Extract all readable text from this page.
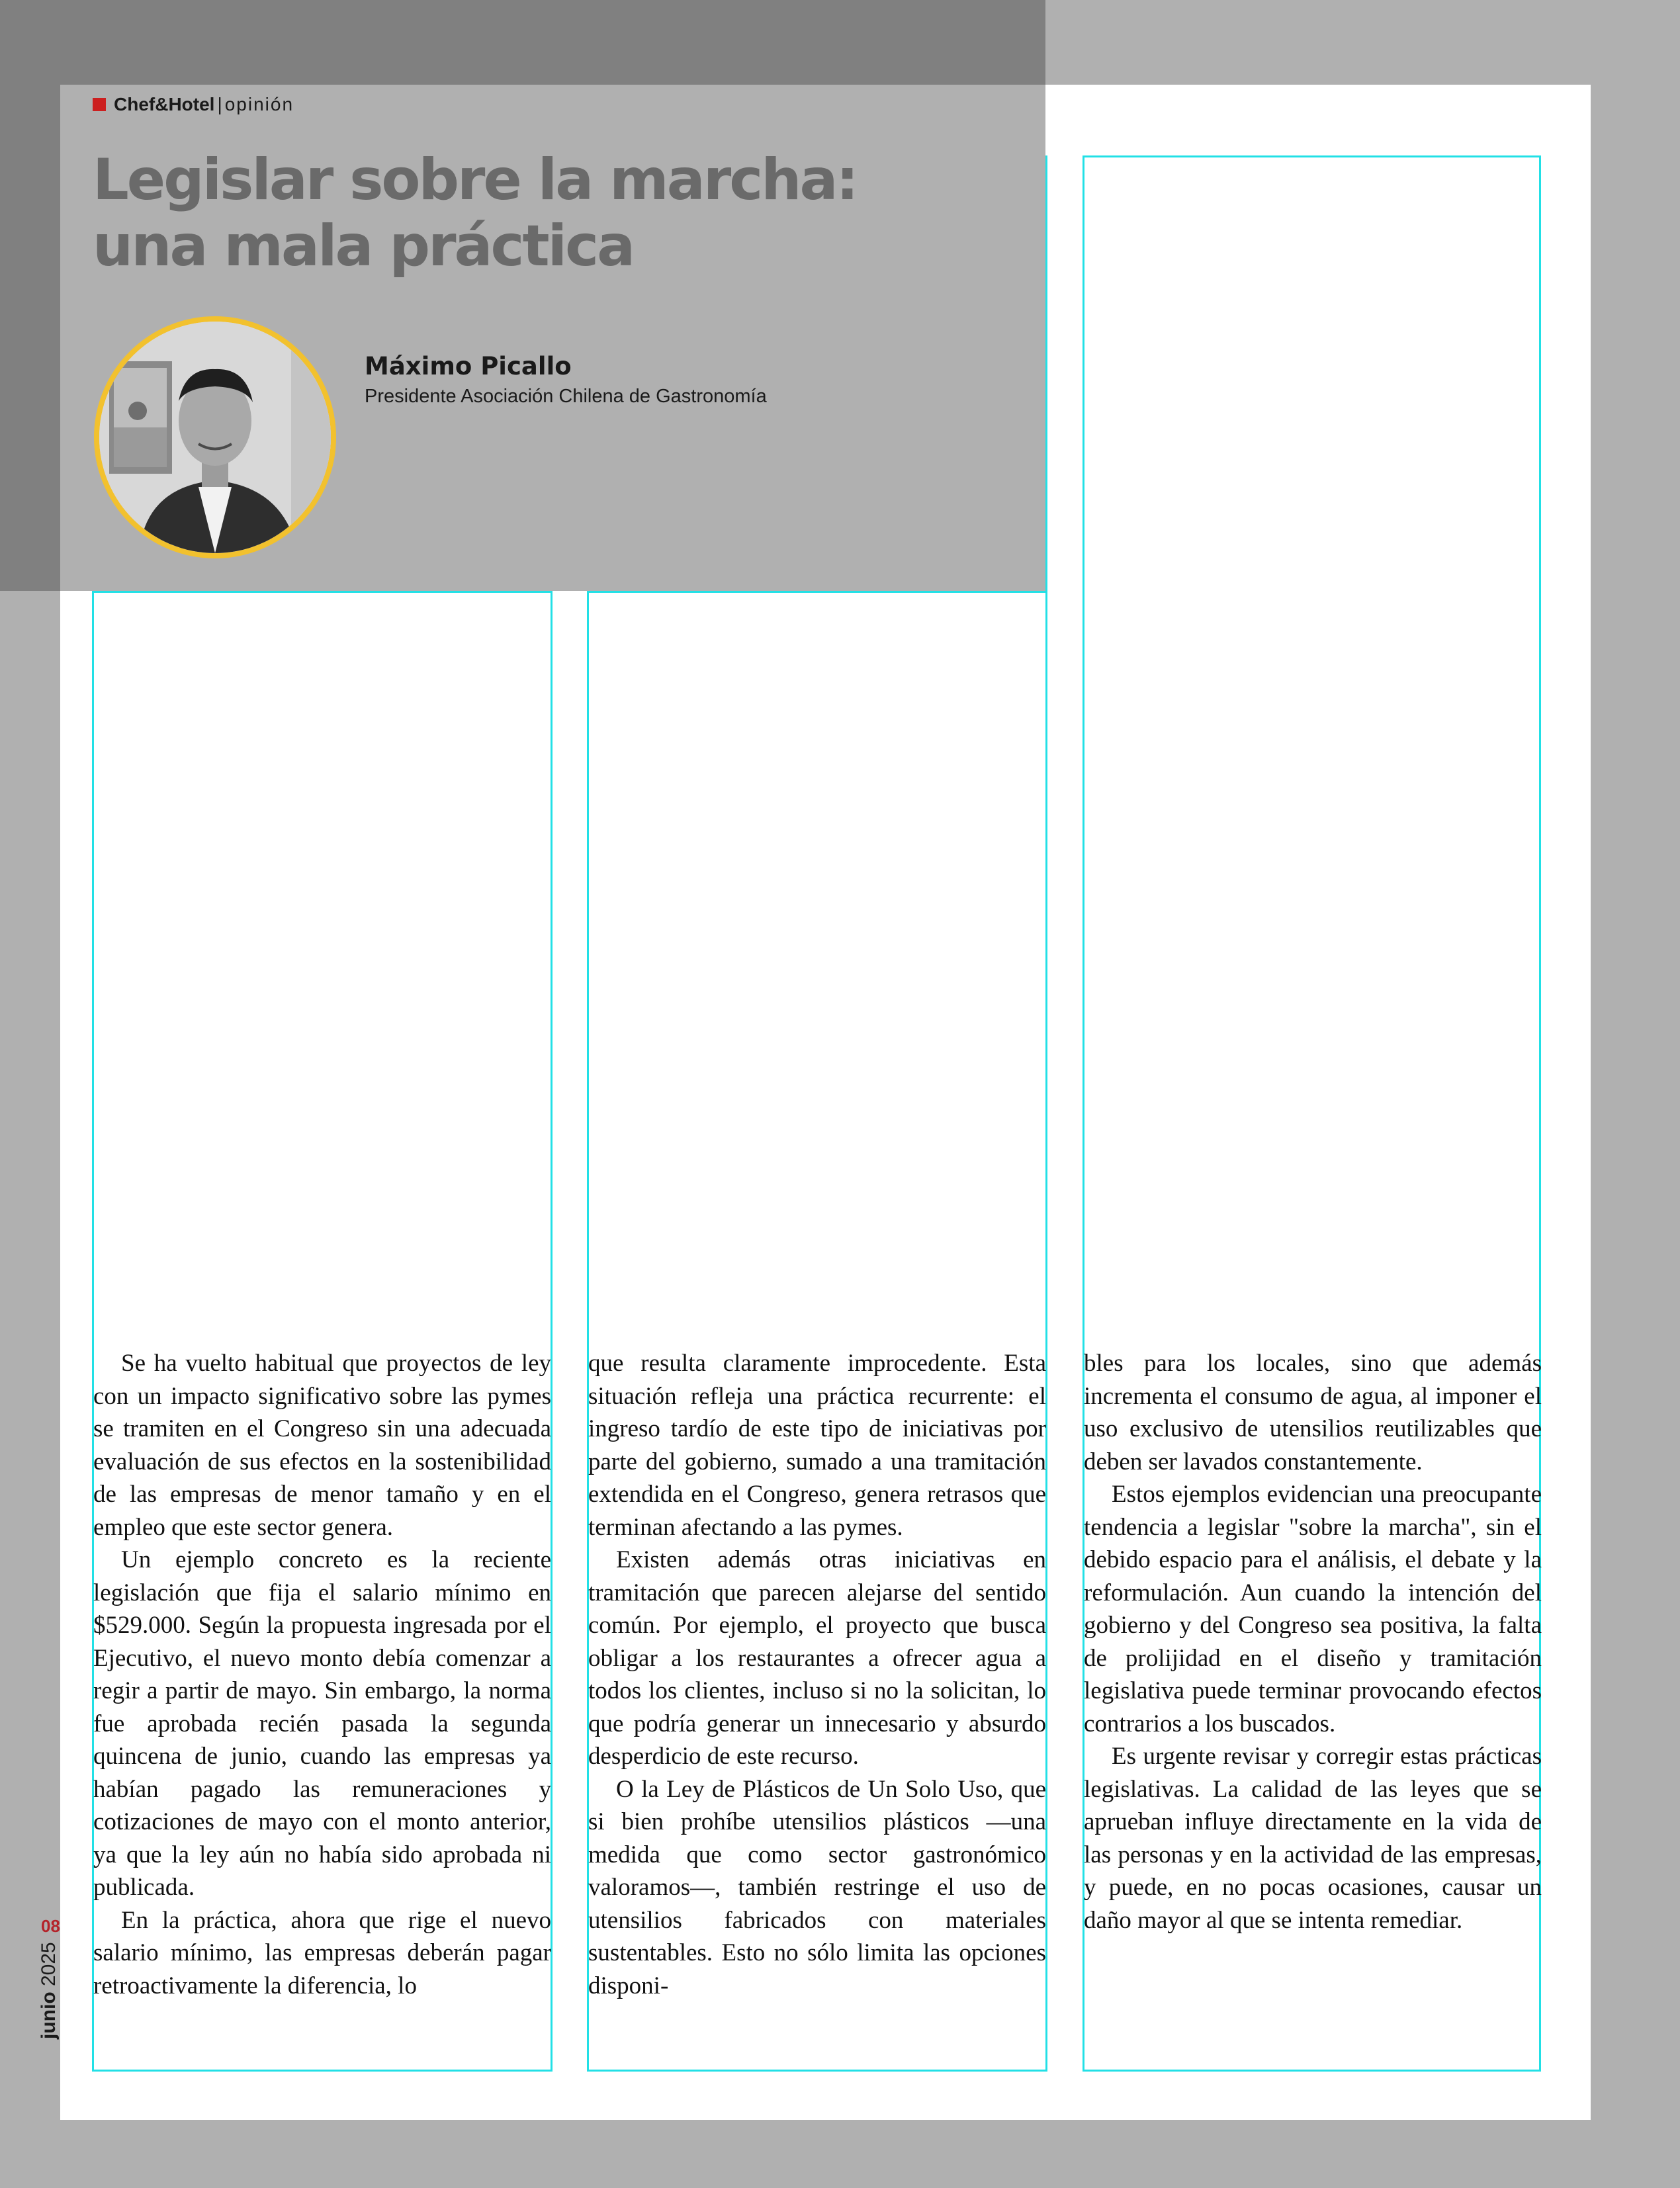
Chef&Hotel | opinión
Legislar sobre la marcha:
una mala práctica
Máximo Picallo
Presidente Asociación Chilena de Gastronomía

Se ha vuelto habitual que proyectos de ley con un impacto significativo sobre las pymes se tramiten en el Congreso sin una adecuada evaluación de sus efectos en la sostenibilidad de las empresas de menor tamaño y en el empleo que este sector genera.

Un ejemplo concreto es la reciente legislación que fija el salario mínimo en $529.000. Según la propuesta ingresada por el Ejecutivo, el nuevo monto debía comenzar a regir a partir de mayo. Sin embargo, la norma fue aprobada recién pasada la segunda quincena de junio, cuando las empresas ya habían pagado las remuneraciones y cotizaciones de mayo con el monto anterior, ya que la ley aún no había sido aprobada ni publicada.

En la práctica, ahora que rige el nuevo salario mínimo, las empresas deberán pagar retroactivamente la diferencia, lo

que resulta claramente improcedente. Esta situación refleja una práctica recurrente: el ingreso tardío de este tipo de iniciativas por parte del gobierno, sumado a una tramitación extendida en el Congreso, genera retrasos que terminan afectando a las pymes.

Existen además otras iniciativas en tramitación que parecen alejarse del sentido común. Por ejemplo, el proyecto que busca obligar a los restaurantes a ofrecer agua a todos los clientes, incluso si no la solicitan, lo que podría generar un innecesario y absurdo desperdicio de este recurso.

O la Ley de Plásticos de Un Solo Uso, que si bien prohíbe utensilios plásticos —una medida que como sector gastronómico valoramos—, también restringe el uso de utensilios fabricados con materiales sustentables. Esto no sólo limita las opciones disponi-

bles para los locales, sino que además incrementa el consumo de agua, al imponer el uso exclusivo de utensilios reutilizables que deben ser lavados constantemente.

Estos ejemplos evidencian una preocupante tendencia a legislar "sobre la marcha", sin el debido espacio para el análisis, el debate y la reformulación. Aun cuando la intención del gobierno y del Congreso sea positiva, la falta de prolijidad en el diseño y tramitación legislativa puede terminar provocando efectos contrarios a los buscados.

Es urgente revisar y corregir estas prácticas legislativas. La calidad de las leyes que se aprueban influye directamente en la vida de las personas y en la actividad de las empresas, y puede, en no pocas ocasiones, causar un daño mayor al que se intenta remediar.

08
junio 2025
